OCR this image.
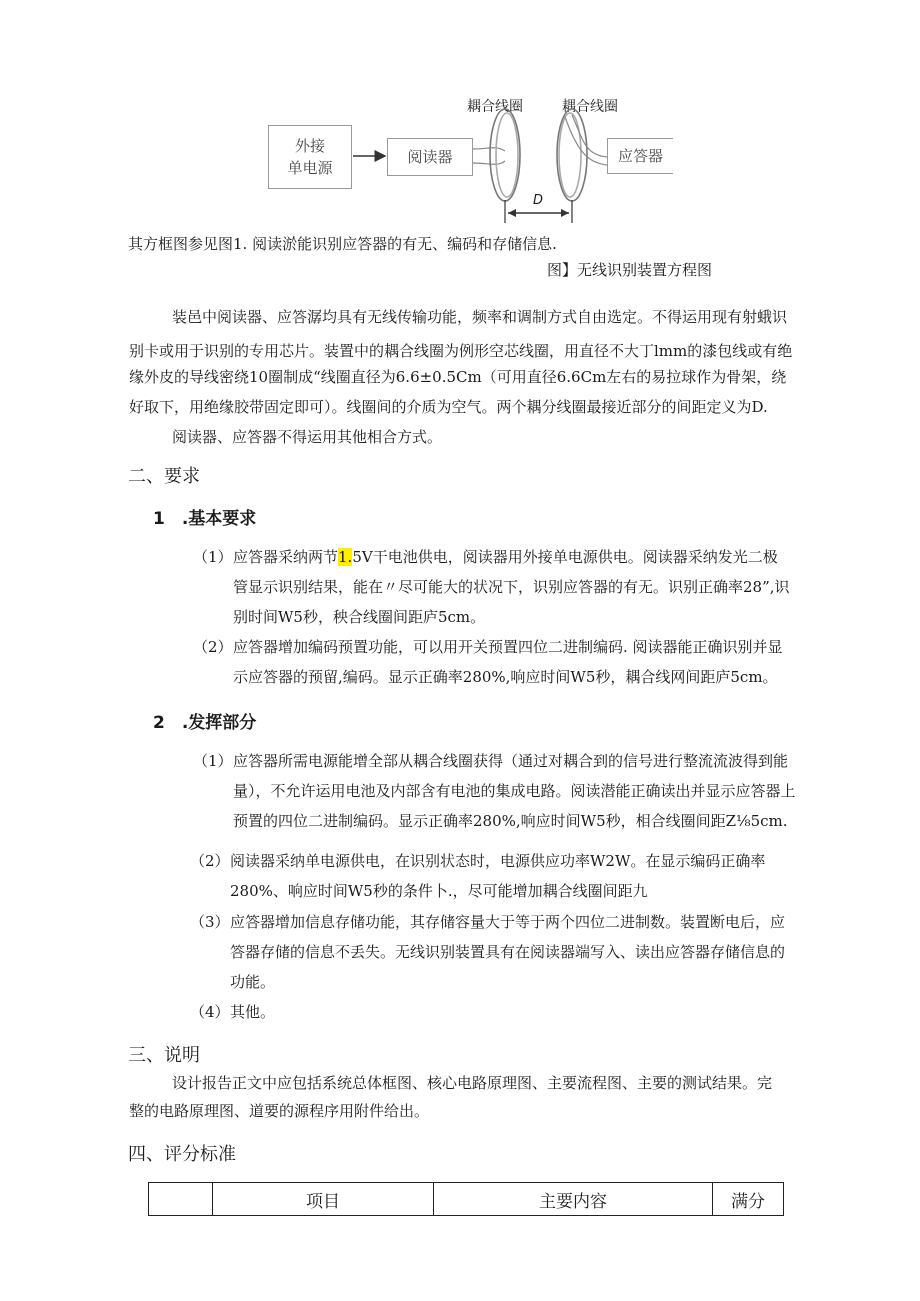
耦合线圈	耦合线圈
外接
单电源
阅读器	应答器
D
其方框图参见图1. 阅读淤能识别应答器的有无、编码和存储信息.
图】无线识别装置方程图
装邑中阅读器、应答潺均具有无线传输功能，频率和调制方式自由选定。不得运用现有射蛾识
别卡或用于识别的专用芯片。装置中的耦合线圈为例形空芯线圈，用直径不大丁lmm的漆包线或有绝
缘外皮的导线密绕10圈制成“线圈直径为6.6±0.5Cm（可用直径6.6Cm左右的易拉球作为骨架，绕
好取下，用绝缘胶带固定即可）。线圈间的介质为空气。两个耦分线圈最接近部分的间距定义为D.
阅读器、应答器不得运用其他相合方式。
二、要求
1　.基本要求
（1） 应答器采纳两节1.5V干电池供电，阅读器用外接单电源供电。阅读器采纳发光二极
管显示识别结果，能在〃尽可能大的状况下，识别应答器的有无。识别正确率28”,识
别时间W5秒，秧合线圈间距庐5cm。
（2） 应答器增加编码预置功能，可以用开关预置四位二进制编码. 阅读器能正确识别并显
示应答器的预留,编码。显示正确率280%,响应时间W5秒，耦合线网间距庐5cm。
2　.发挥部分
（1） 应答器所需电源能增全部从耦合线圈获得（通过对耦合到的信号进行整流流波得到能
量），不允许运用电池及内部含有电池的集成电路。阅读潜能正确读出并显示应答器上
预置的四位二进制编码。显示正确率280%,响应时间W5秒，相合线圈间距Z⅛5cm.
（2） 阅读器采纳单电源供电，在识别状态时，电源供应功率W2W。在显示编码正确率
280%、响应时间W5秒的条件卜.，尽可能增加耦合线圈间距九
（3） 应答器增加信息存储功能，其存储容量大于等于两个四位二进制数。装置断电后，应
答器存储的信息不丢失。无线识别装置具有在阅读器端写入、读出应答器存储信息的
功能。
（4） 其他。
三、说明
设计报告正文中应包括系统总体框图、核心电路原理图、主要流程图、主要的测试结果。完
整的电路原理图、道要的源程序用附件给出。
四、评分标准
	项目	主要内容	满分
